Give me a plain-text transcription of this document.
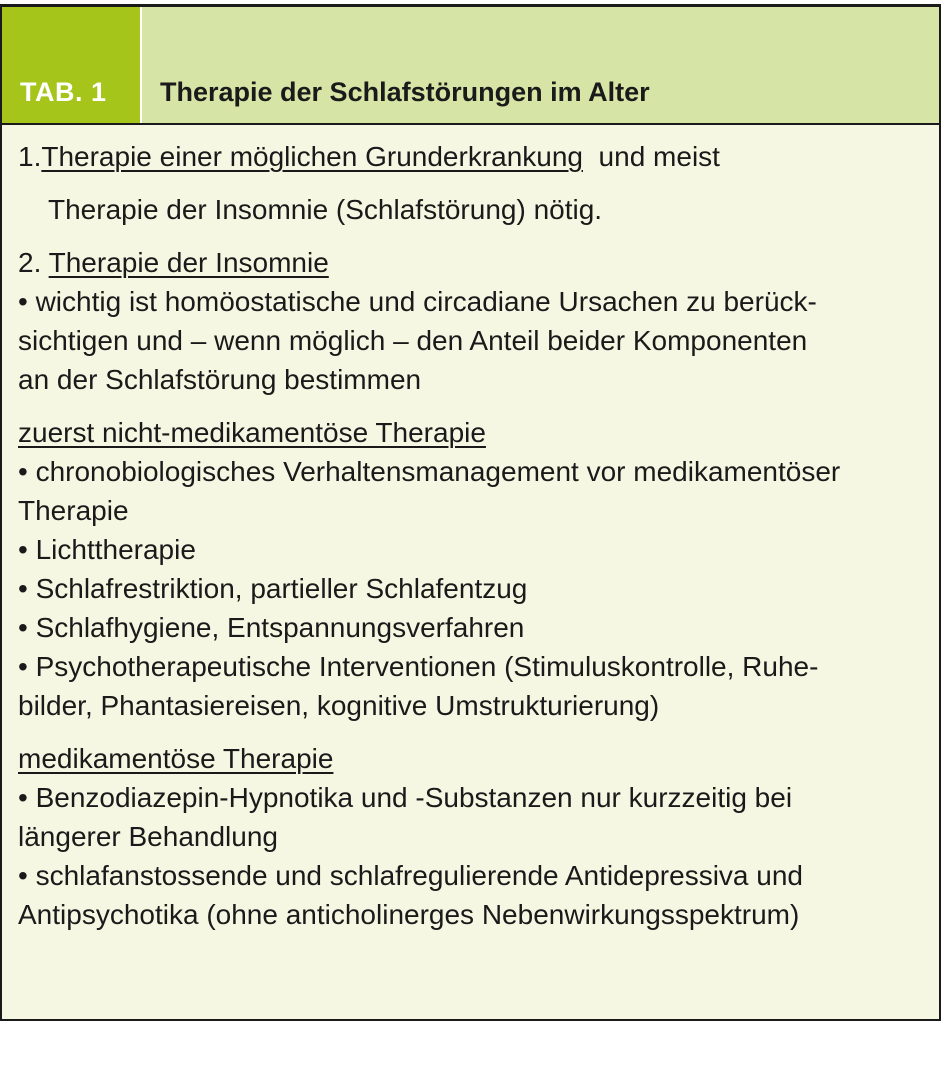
TAB. 1 Therapie der Schlafstörungen im Alter
1.Therapie einer möglichen Grunderkrankung  und meist
Therapie der Insomnie (Schlafstörung) nötig.
2. Therapie der Insomnie
• wichtig ist homöostatische und circadiane Ursachen zu berück-
sichtigen und – wenn möglich – den Anteil beider Komponenten
an der Schlafstörung bestimmen
zuerst nicht-medikamentöse Therapie
• chronobiologisches Verhaltensmanagement vor medikamentöser
Therapie
• Lichttherapie
• Schlafrestriktion, partieller Schlafentzug
• Schlafhygiene, Entspannungsverfahren
• Psychotherapeutische Interventionen (Stimuluskontrolle, Ruhe-
bilder, Phantasiereisen, kognitive Umstrukturierung)
medikamentöse Therapie
• Benzodiazepin-Hypnotika und -Substanzen nur kurzzeitig bei
längerer Behandlung
• schlafanstossende und schlafregulierende Antidepressiva und
Antipsychotika (ohne anticholinerges Nebenwirkungsspektrum)
